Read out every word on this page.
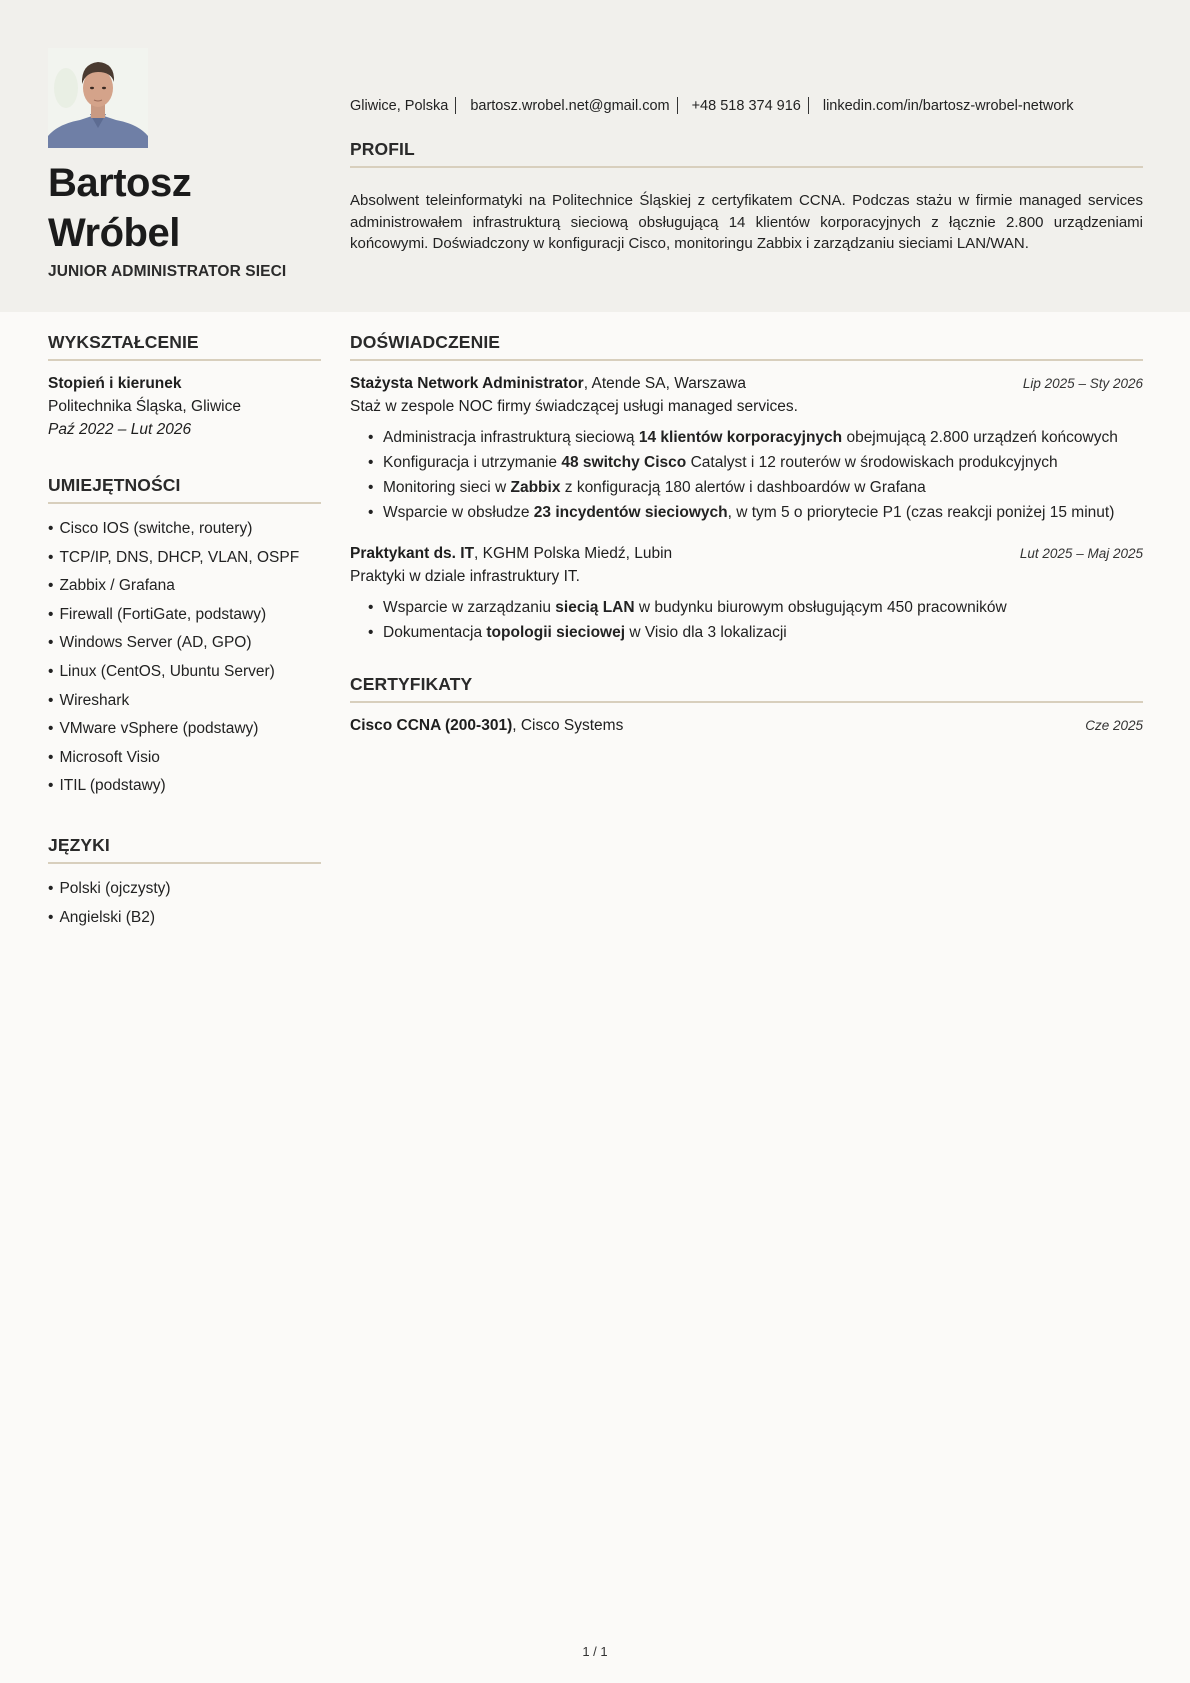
Bartosz
Wróbel
JUNIOR ADMINISTRATOR SIECI
Gliwice, Polska bartosz.wrobel.net@gmail.com +48 518 374 916 linkedin.com/in/bartosz-wrobel-network
PROFIL

Absolwent teleinformatyki na Politechnice Śląskiej z certyfikatem CCNA. Podczas stażu w firmie managed services administrowałem infrastrukturą sieciową obsługującą 14 klientów korporacyjnych z łącznie 2.800 urządzeniami końcowymi. Doświadczony w konfiguracji Cisco, monitoringu Zabbix i zarządzaniu sieciami LAN/WAN.

WYKSZTAŁCENIE
Stopień i kierunek
Politechnika Śląska, Gliwice
Paź 2022 – Lut 2026
UMIEJĘTNOŚCI
• Cisco IOS (switche, routery)
• TCP/IP, DNS, DHCP, VLAN, OSPF
• Zabbix / Grafana
• Firewall (FortiGate, podstawy)
• Windows Server (AD, GPO)
• Linux (CentOS, Ubuntu Server)
• Wireshark
• VMware vSphere (podstawy)
• Microsoft Visio
• ITIL (podstawy)
JĘZYKI
• Polski (ojczysty)
• Angielski (B2)
DOŚWIADCZENIE
Stażysta Network Administrator, Atende SA, Warszawa	Lip 2025 – Sty 2026
Staż w zespole NOC firmy świadczącej usługi managed services.
• Administracja infrastrukturą sieciową 14 klientów korporacyjnych obejmującą 2.800 urządzeń końcowych
• Konfiguracja i utrzymanie 48 switchy Cisco Catalyst i 12 routerów w środowiskach produkcyjnych
• Monitoring sieci w Zabbix z konfiguracją 180 alertów i dashboardów w Grafana
• Wsparcie w obsłudze 23 incydentów sieciowych, w tym 5 o priorytecie P1 (czas reakcji poniżej 15 minut)
Praktykant ds. IT, KGHM Polska Miedź, Lubin	Lut 2025 – Maj 2025
Praktyki w dziale infrastruktury IT.
• Wsparcie w zarządzaniu siecią LAN w budynku biurowym obsługującym 450 pracowników
• Dokumentacja topologii sieciowej w Visio dla 3 lokalizacji
CERTYFIKATY
Cisco CCNA (200-301), Cisco Systems	Cze 2025
1 / 1
